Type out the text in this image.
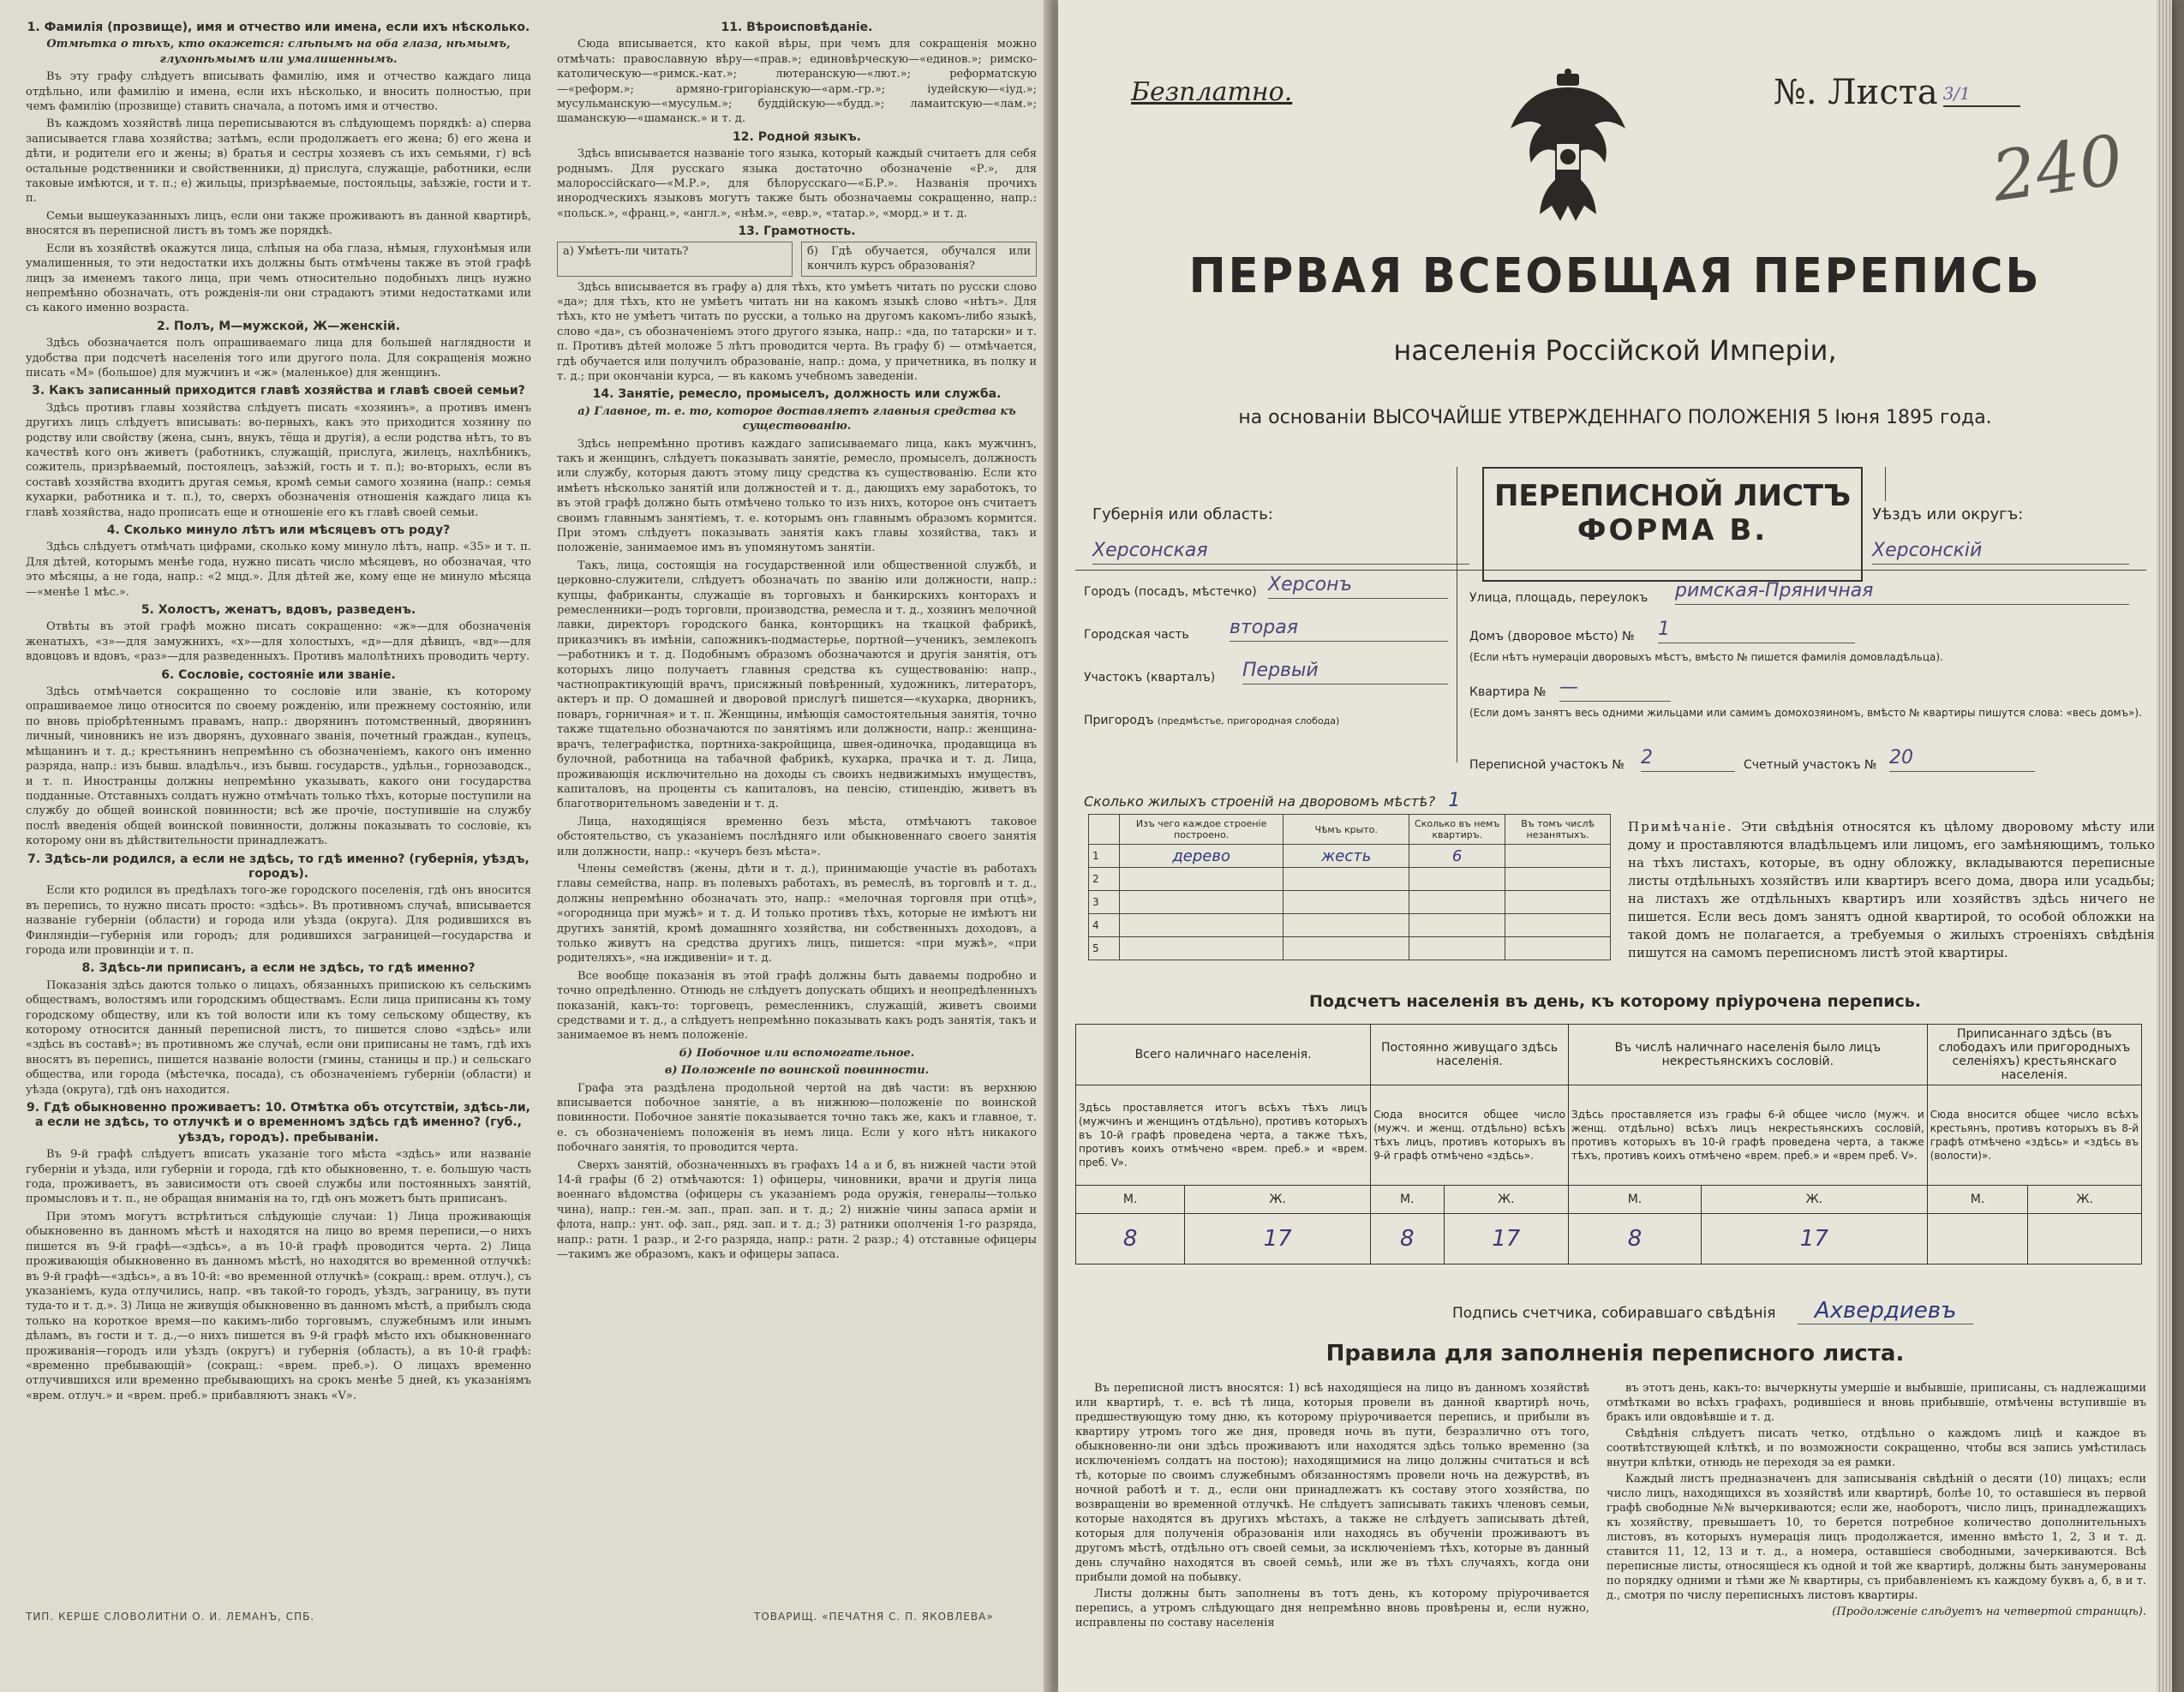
1. Фамилія (прозвище), имя и отчество или имена, если ихъ нѣсколько.
Отмѣтка о тѣхъ, кто окажется: слѣпымъ на оба глаза, нѣмымъ, глухонѣмымъ или умалишеннымъ.

Въ эту графу слѣдуетъ вписывать фамилію, имя и отчество каждаго лица отдѣльно, или фамилію и имена, если ихъ нѣсколько, и вносить полностью, при чемъ фамилію (прозвище) ставить сначала, а потомъ имя и отчество.

Въ каждомъ хозяйствѣ лица переписываются въ слѣдующемъ порядкѣ: а) сперва записывается глава хозяйства; затѣмъ, если продолжаетъ его жена; б) его жена и дѣти, и родители его и жены; в) братья и сестры хозяевъ съ ихъ семьями, г) всѣ остальные родственники и свойственники, д) прислуга, служащіе, работники, если таковые имѣются, и т. п.; е) жильцы, призрѣваемые, постояльцы, заѣзжіе, гости и т. п.

Семьи вышеуказанныхъ лицъ, если они также проживаютъ въ данной квартирѣ, вносятся въ переписной листъ въ томъ же порядкѣ.

Если въ хозяйствѣ окажутся лица, слѣпыя на оба глаза, нѣмыя, глухонѣмыя или умалишенныя, то эти недостатки ихъ должны быть отмѣчены также въ этой графѣ лицъ за именемъ такого лица, при чемъ относительно подобныхъ лицъ нужно непремѣнно обозначать, отъ рожденія-ли они страдаютъ этими недостатками или съ какого именно возраста.

2. Полъ, М—мужской, Ж—женскій.

Здѣсь обозначается полъ опрашиваемаго лица для большей наглядности и удобства при подсчетѣ населенія того или другого пола. Для сокращенія можно писать «М» (большое) для мужчинъ и «ж» (маленькое) для женщинъ.

3. Какъ записанный приходится главѣ хозяйства и главѣ своей семьи?

Здѣсь противъ главы хозяйства слѣдуетъ писать «хозяинъ», а противъ именъ другихъ лицъ слѣдуетъ вписывать: во-первыхъ, какъ это приходится хозяину по родству или свойству (жена, сынъ, внукъ, тёща и другія), а если родства нѣтъ, то въ качествѣ кого онъ живетъ (работникъ, служащій, прислуга, жилецъ, нахлѣбникъ, сожитель, призрѣваемый, постоялецъ, заѣзжій, гость и т. п.); во-вторыхъ, если въ составѣ хозяйства входитъ другая семья, кромѣ семьи самого хозяина (напр.: семья кухарки, работника и т. п.), то, сверхъ обозначенія отношенія каждаго лица къ главѣ хозяйства, надо прописать еще и отношеніе его къ главѣ своей семьи.

4. Сколько минуло лѣтъ или мѣсяцевъ отъ роду?

Здѣсь слѣдуетъ отмѣчать цифрами, сколько кому минуло лѣтъ, напр. «35» и т. п. Для дѣтей, которымъ менѣе года, нужно писать число мѣсяцевъ, но обозначая, что это мѣсяцы, а не года, напр.: «2 мцд.». Для дѣтей же, кому еще не минуло мѣсяца—«менѣе 1 мѣс.».

5. Холостъ, женатъ, вдовъ, разведенъ.

Отвѣты въ этой графѣ можно писать сокращенно: «ж»—для обозначенія женатыхъ, «з»—для замужнихъ, «х»—для холостыхъ, «д»—для дѣвицъ, «вд»—для вдовцовъ и вдовъ, «раз»—для разведенныхъ. Противъ малолѣтнихъ проводить черту.

6. Сословіе, состояніе или званіе.

Здѣсь отмѣчается сокращенно то сословіе или званіе, къ которому опрашиваемое лицо относится по своему рожденію, или прежнему состоянію, или по вновь пріобрѣтеннымъ правамъ, напр.: дворянинъ потомственный, дворянинъ личный, чиновникъ не изъ дворянъ, духовнаго званія, почетный граждан., купецъ, мѣщанинъ и т. д.; крестьянинъ непремѣнно съ обозначеніемъ, какого онъ именно разряда, напр.: изъ бывш. владѣльч., изъ бывш. государств., удѣльн., горнозаводск., и т. п. Иностранцы должны непремѣнно указывать, какого они государства подданные. Отставныхъ солдатъ нужно отмѣчать только тѣхъ, которые поступили на службу до общей воинской повинности; всѣ же прочіе, поступившіе на службу послѣ введенія общей воинской повинности, должны показывать то сословіе, къ которому они въ дѣйствительности принадлежатъ.

7. Здѣсь-ли родился, а если не здѣсь, то гдѣ именно? (губернія, уѣздъ, городъ).

Если кто родился въ предѣлахъ того-же городского поселенія, гдѣ онъ вносится въ перепись, то нужно писать просто: «здѣсь». Въ противномъ случаѣ, вписывается названіе губерніи (области) и города или уѣзда (округа). Для родившихся въ Финляндіи—губернія или городъ; для родившихся заграницей—государства и города или провинціи и т. п.

8. Здѣсь-ли приписанъ, а если не здѣсь, то гдѣ именно?

Показанія здѣсь даются только о лицахъ, обязанныхъ припискою къ сельскимъ обществамъ, волостямъ или городскимъ обществамъ. Если лица приписаны къ тому городскому обществу, или къ той волости или къ тому сельскому обществу, къ которому относится данный переписной листъ, то пишется слово «здѣсь» или «здѣсь въ составѣ»; въ противномъ же случаѣ, если они приписаны не тамъ, гдѣ ихъ вносятъ въ перепись, пишется названіе волости (гмины, станицы и пр.) и сельскаго общества, или города (мѣстечка, посада), съ обозначеніемъ губерніи (области) и уѣзда (округа), гдѣ онъ находится.

9. Гдѣ обыкновенно проживаетъ: 10. Отмѣтка объ отсутствіи, здѣсь-ли, а если не здѣсь, то отлучкѣ и о временномъ здѣсь гдѣ именно? (губ., уѣздъ, городъ). пребываніи.

Въ 9-й графѣ слѣдуетъ вписать указаніе того мѣста «здѣсь» или названіе губерніи и уѣзда, или губерніи и города, гдѣ кто обыкновенно, т. е. большую часть года, проживаетъ, въ зависимости отъ своей службы или постоянныхъ занятій, промысловъ и т. п., не обращая вниманія на то, гдѣ онъ можетъ быть приписанъ.

При этомъ могутъ встрѣтиться слѣдующіе случаи: 1) Лица проживающія обыкновенно въ данномъ мѣстѣ и находятся на лицо во время переписи,—о нихъ пишется въ 9-й графѣ—«здѣсь», а въ 10-й графѣ проводится черта. 2) Лица проживающія обыкновенно въ данномъ мѣстѣ, но находятся во временной отлучкѣ: въ 9-й графѣ—«здѣсь», а въ 10-й: «во временной отлучкѣ» (сокращ.: врем. отлуч.), съ указаніемъ, куда отлучились, напр. «въ такой-то городъ, уѣздъ, заграницу, въ пути туда-то и т. д.». 3) Лица не живущія обыкновенно въ данномъ мѣстѣ, а прибылъ сюда только на короткое время—по какимъ-либо торговымъ, служебнымъ или инымъ дѣламъ, въ гости и т. д.,—о нихъ пишется въ 9-й графѣ мѣсто ихъ обыкновеннаго проживанія—городъ или уѣздъ (округъ) и губернія (область), а въ 10-й графѣ: «временно пребывающій» (сокращ.: «врем. преб.»). О лицахъ временно отлучившихся или временно пребывающихъ на срокъ менѣе 5 дней, къ указаніямъ «врем. отлуч.» и «врем. преб.» прибавляютъ знакъ «V».

11. Вѣроисповѣданіе.

Сюда вписывается, кто какой вѣры, при чемъ для сокращенія можно отмѣчать: православную вѣру—«прав.»; единовѣрческую—«единов.»; римско-католическую—«римск.-кат.»; лютеранскую—«лют.»; реформатскую—«реформ.»; армяно-григоріанскую—«арм.-гр.»; іудейскую—«іуд.»; мусульманскую—«мусульм.»; буддійскую—«будд.»; ламаитскую—«лам.»; шаманскую—«шаманск.» и т. д.

12. Родной языкъ.

Здѣсь вписывается названіе того языка, который каждый считаетъ для себя роднымъ. Для русскаго языка достаточно обозначеніе «Р.», для малороссійскаго—«М.Р.», для бѣлорусскаго—«Б.Р.». Названія прочихъ инородческихъ языковъ могутъ также быть обозначаемы сокращенно, напр.: «польск.», «франц.», «англ.», «нѣм.», «евр.», «татар.», «морд.» и т. д.

13. Грамотность.
а) Умѣетъ-ли читать?	б) Гдѣ обучается, обучался или кончилъ курсъ образованія?

Здѣсь вписывается въ графу а) для тѣхъ, кто умѣетъ читать по русски слово «да»; для тѣхъ, кто не умѣетъ читать ни на какомъ языкѣ слово «нѣтъ». Для тѣхъ, кто не умѣетъ читать по русски, а только на другомъ какомъ-либо языкѣ, слово «да», съ обозначеніемъ этого другого языка, напр.: «да, по татарски» и т. п. Противъ дѣтей моложе 5 лѣтъ проводится черта. Въ графу б) — отмѣчается, гдѣ обучается или получилъ образованіе, напр.: дома, у причетника, въ полку и т. д.; при окончаніи курса, — въ какомъ учебномъ заведеніи.

14. Занятіе, ремесло, промыселъ, должность или служба.
а) Главное, т. е. то, которое доставляетъ главныя средства къ существованію.

Здѣсь непремѣнно противъ каждаго записываемаго лица, какъ мужчинъ, такъ и женщинъ, слѣдуетъ показывать занятіе, ремесло, промыселъ, должность или службу, которыя даютъ этому лицу средства къ существованію. Если кто имѣетъ нѣсколько занятій или должностей и т. д., дающихъ ему заработокъ, то въ этой графѣ должно быть отмѣчено только то изъ нихъ, которое онъ считаетъ своимъ главнымъ занятіемъ, т. е. которымъ онъ главнымъ образомъ кормится. При этомъ слѣдуетъ показывать занятія какъ главы хозяйства, такъ и положеніе, занимаемое имъ въ упомянутомъ занятіи.

Такъ, лица, состоящія на государственной или общественной службѣ, и церковно-служители, слѣдуетъ обозначать по званію или должности, напр.: купцы, фабриканты, служащіе въ торговыхъ и банкирскихъ конторахъ и ремесленники—родъ торговли, производства, ремесла и т. д., хозяинъ мелочной лавки, директоръ городского банка, конторщикъ на ткацкой фабрикѣ, приказчикъ въ имѣніи, сапожникъ-подмастерье, портной—ученикъ, землекопъ—работникъ и т. д. Подобнымъ образомъ обозначаются и другія занятія, отъ которыхъ лицо получаетъ главныя средства къ существованію: напр., частнопрактикующій врачъ, присяжный повѣренный, художникъ, литераторъ, актеръ и пр. О домашней и дворовой прислугѣ пишется—«кухарка, дворникъ, поваръ, горничная» и т. п. Женщины, имѣющія самостоятельныя занятія, точно также тщательно обозначаются по занятіямъ или должности, напр.: женщина-врачъ, телеграфистка, портниха-закройщица, швея-одиночка, продавщица въ булочной, работница на табачной фабрикѣ, кухарка, прачка и т. д. Лица, проживающія исключительно на доходы съ своихъ недвижимыхъ имуществъ, капиталовъ, на проценты съ капиталовъ, на пенсію, стипендію, живетъ въ благотворительномъ заведеніи и т. д.

Лица, находящіяся временно безъ мѣста, отмѣчаютъ таковое обстоятельство, съ указаніемъ послѣдняго или обыкновеннаго своего занятія или должности, напр.: «кучеръ безъ мѣста».

Члены семействъ (жены, дѣти и т. д.), принимающіе участіе въ работахъ главы семейства, напр. въ полевыхъ работахъ, въ ремеслѣ, въ торговлѣ и т. д., должны непремѣнно обозначать это, напр.: «мелочная торговля при отцѣ», «огородница при мужѣ» и т. д. И только противъ тѣхъ, которые не имѣютъ ни другихъ занятій, кромѣ домашняго хозяйства, ни собственныхъ доходовъ, а только живутъ на средства другихъ лицъ, пишется: «при мужѣ», «при родителяхъ», «на иждивеніи» и т. д.

Все вообще показанія въ этой графѣ должны быть даваемы подробно и точно опредѣленно. Отнюдь не слѣдуетъ допускать общихъ и неопредѣленныхъ показаній, какъ-то: торговецъ, ремесленникъ, служащій, живетъ своими средствами и т. д., а слѣдуетъ непремѣнно показывать какъ родъ занятія, такъ и занимаемое въ немъ положеніе.

б) Побочное или вспомогательное.
в) Положеніе по воинской повинности.

Графа эта раздѣлена продольной чертой на двѣ части: въ верхнюю вписывается побочное занятіе, а въ нижнюю—положеніе по воинской повинности. Побочное занятіе показывается точно такъ же, какъ и главное, т. е. съ обозначеніемъ положенія въ немъ лица. Если у кого нѣтъ никакого побочнаго занятія, то проводится черта.

Сверхъ занятій, обозначенныхъ въ графахъ 14 а и б, въ нижней части этой 14-й графы (б 2) отмѣчаются: 1) офицеры, чиновники, врачи и другія лица военнаго вѣдомства (офицеры съ указаніемъ рода оружія, генералы—только чина), напр.: ген.-м. зап., прап. зап. и т. д.; 2) нижніе чины запаса арміи и флота, напр.: унт. оф. зап., ряд. зап. и т. д.; 3) ратники ополченія 1-го разряда, напр.: ратн. 1 разр., и 2-го разряда, напр.: ратн. 2 разр.; 4) отставные офицеры—такимъ же образомъ, какъ и офицеры запаса.

ТИП. КЕРШЕ СЛОВОЛИТНИ О. И. ЛЕМАНЪ, СПБ.	ТОВАРИЩ. «ПЕЧАТНЯ С. П. ЯКОВЛЕВА»
Безплатно.	№. Листа 3/1
240
ПЕРВАЯ ВСЕОБЩАЯ ПЕРЕПИСЬ
населенія Россійской Имперіи,
на основаніи ВЫСОЧАЙШЕ УТВЕРЖДЕННАГО ПОЛОЖЕНІЯ 5 Іюня 1895 года.
ПЕРЕПИСНОЙ ЛИСТЪ
ФОРМА В.
Губернія или область:
Херсонская
Уѣздъ или округъ:
Херсонскій
Городъ (посадъ, мѣстечко) Херсонъ
Городская часть вторая
Участокъ (кварталъ) Первый
Пригородъ (предмѣстье, пригородная слобода)
Улица, площадь, переулокъ римская-Пряничная
Домъ (дворовое мѣсто) № 1
(Если нѣтъ нумераціи дворовыхъ мѣстъ, вмѣсто № пишется фамилія домовладѣльца).
Квартира № —
(Если домъ занятъ весь одними жильцами или самимъ домохозяиномъ, вмѣсто № квартиры пишутся слова: «весь домъ»).
Переписной участокъ № 2	Счетный участокъ № 20
Сколько жилыхъ строеній на дворовомъ мѣстѣ? 1
	Изъ чего каждое строеніе построено.	Чѣмъ крыто.	Сколько въ немъ квартиръ.	Въ томъ числѣ незанятыхъ.
1	дерево	жесть	6	
2				
3				
4				
5				
Примѣчаніе. Эти свѣдѣнія относятся къ цѣлому дворовому мѣсту или дому и проставляются владѣльцемъ или лицомъ, его замѣняющимъ, только на тѣхъ листахъ, которые, въ одну обложку, вкладываются переписные листы отдѣльныхъ хозяйствъ или квартиръ всего дома, двора или усадьбы; на листахъ же отдѣльныхъ квартиръ или хозяйствъ здѣсь ничего не пишется. Если весь домъ занятъ одной квартирой, то особой обложки на такой домъ не полагается, а требуемыя о жилыхъ строеніяхъ свѣдѣнія пишутся на самомъ переписномъ листѣ этой квартиры.
Подсчетъ населенія въ день, къ которому пріурочена перепись.
Всего наличнаго населенія.		Постоянно живущаго здѣсь населенія.		Въ числѣ наличнаго населенія было лицъ некрестьянскихъ сословій.		Приписаннаго здѣсь (въ слободахъ или пригородныхъ селеніяхъ) крестьянскаго населенія.	
Здѣсь проставляется итогъ всѣхъ тѣхъ лицъ (мужчинъ и женщинъ отдѣльно), противъ которыхъ въ 10-й графѣ проведена черта, а также тѣхъ, противъ коихъ отмѣчено «врем. преб.» и «врем. преб. V».		Сюда вносится общее число (мужч. и женщ. отдѣльно) всѣхъ тѣхъ лицъ, противъ которыхъ въ 9-й графѣ отмѣчено «здѣсь».		Здѣсь проставляется изъ графы 6-й общее число (мужч. и женщ. отдѣльно) всѣхъ лицъ некрестьянскихъ сословій, противъ которыхъ въ 10-й графѣ проведена черта, а также тѣхъ, противъ коихъ отмѣчено «врем. преб.» и «врем преб. V».		Сюда вносится общее число всѣхъ крестьянъ, противъ которыхъ въ 8-й графѣ отмѣчено «здѣсь» и «здѣсь въ (волости)».	
М.	Ж.	М.	Ж.	М.	Ж.	М.	Ж.
8	17	8	17	8	17		
Подпись счетчика, собиравшаго свѣдѣнія Ахвердиевъ
Правила для заполненія переписного листа.

Въ переписной листъ вносятся: 1) всѣ находящіеся на лицо въ данномъ хозяйствѣ или квартирѣ, т. е. всѣ тѣ лица, которыя провели въ данной квартирѣ ночь, предшествующую тому дню, къ которому пріурочивается перепись, и прибыли въ квартиру утромъ того же дня, проведя ночь въ пути, безразлично отъ того, обыкновенно-ли они здѣсь проживаютъ или находятся здѣсь только временно (за исключеніемъ солдатъ на постою); находящимися на лицо должны считаться и всѣ тѣ, которые по своимъ служебнымъ обязанностямъ провели ночь на дежурствѣ, въ ночной работѣ и т. д., если они принадлежатъ къ составу этого хозяйства, по возвращеніи во временной отлучкѣ. Не слѣдуетъ записывать такихъ членовъ семьи, которые находятся въ другихъ мѣстахъ, а также не слѣдуетъ записывать дѣтей, которыя для полученія образованія или находясь въ обученіи проживаютъ въ другомъ мѣстѣ, отдѣльно отъ своей семьи, за исключеніемъ тѣхъ, которые въ данный день случайно находятся въ своей семьѣ, или же въ тѣхъ случаяхъ, когда они прибыли домой на побывку.

Листы должны быть заполнены въ тотъ день, къ которому пріурочивается перепись, а утромъ слѣдующаго дня непремѣнно вновь провѣрены и, если нужно, исправлены по составу населенія

въ этотъ день, какъ-то: вычеркнуты умершіе и выбывшіе, приписаны, съ надлежащими отмѣтками во всѣхъ графахъ, родившіеся и вновь прибывшіе, отмѣчены вступившіе въ бракъ или овдовѣвшіе и т. д.

Свѣдѣнія слѣдуетъ писать четко, отдѣльно о каждомъ лицѣ и каждое въ соотвѣтствующей клѣткѣ, и по возможности сокращенно, чтобы вся запись умѣстилась внутри клѣтки, отнюдь не переходя за ея рамки.

Каждый листъ предназначенъ для записыванія свѣдѣній о десяти (10) лицахъ; если число лицъ, находящихся въ хозяйствѣ или квартирѣ, болѣе 10, то оставшіеся въ первой графѣ свободные №№ вычеркиваются; если же, наоборотъ, число лицъ, принадлежащихъ къ хозяйству, превышаетъ 10, то берется потребное количество дополнительныхъ листовъ, въ которыхъ нумерація лицъ продолжается, именно вмѣсто 1, 2, 3 и т. д. ставится 11, 12, 13 и т. д., а номера, оставшіеся свободными, зачеркиваются. Всѣ переписные листы, относящіеся къ одной и той же квартирѣ, должны быть занумерованы по порядку одними и тѣми же № квартиры, съ прибавленіемъ къ каждому буквъ а, б, в и т. д., смотря по числу переписныхъ листовъ квартиры.

(Продолженіе слѣдуетъ на четвертой страницѣ).
